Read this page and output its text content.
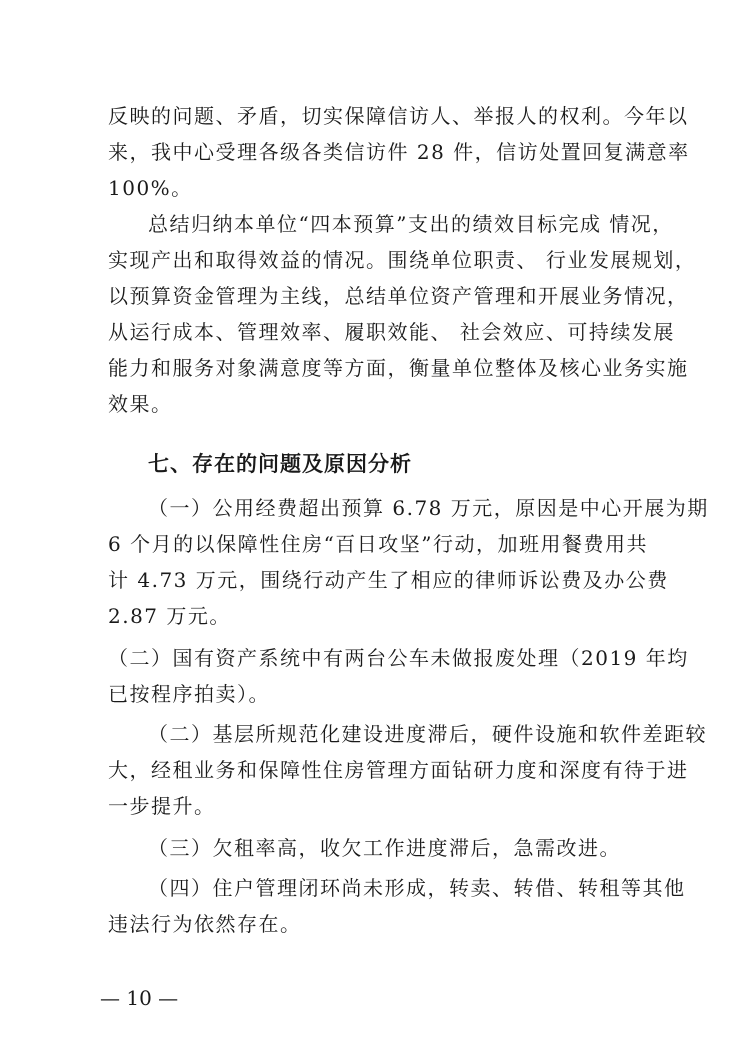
反映的问题、矛盾，切实保障信访人、举报人的权利。今年以
来，我中心受理各级各类信访件 28 件，信访处置回复满意率
100%。
总结归纳本单位“四本预算”支出的绩效目标完成 情况，
实现产出和取得效益的情况。围绕单位职责、 行业发展规划，
以预算资金管理为主线，总结单位资产管理和开展业务情况，
从运行成本、管理效率、履职效能、 社会效应、可持续发展
能力和服务对象满意度等方面，衡量单位整体及核心业务实施
效果。
七、存在的问题及原因分析
（一）公用经费超出预算 6.78 万元，原因是中心开展为期
6 个月的以保障性住房“百日攻坚”行动，加班用餐费用共
计 4.73 万元，围绕行动产生了相应的律师诉讼费及办公费
2.87 万元。
（二）国有资产系统中有两台公车未做报废处理（2019 年均
已按程序拍卖）。
（二）基层所规范化建设进度滞后，硬件设施和软件差距较
大，经租业务和保障性住房管理方面钻研力度和深度有待于进
一步提升。
（三）欠租率高，收欠工作进度滞后，急需改进。
（四）住户管理闭环尚未形成，转卖、转借、转租等其他
违法行为依然存在。
— 10 —
